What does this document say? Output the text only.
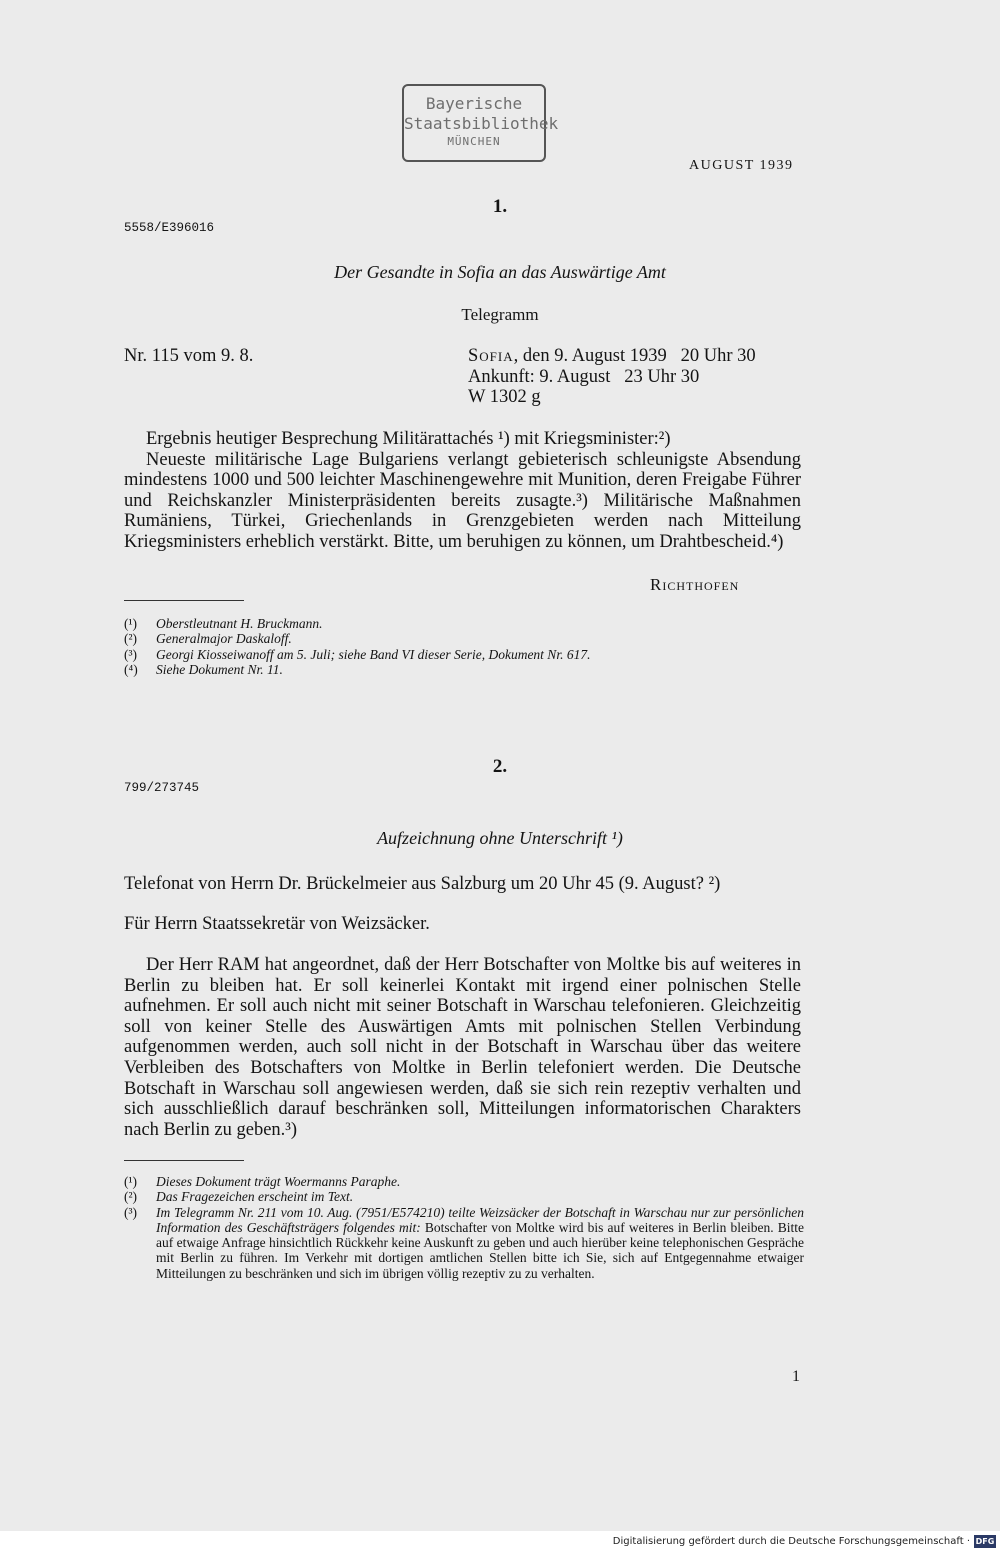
Bayerische
Staatsbibliothek
MÜNCHEN
AUGUST 1939
1.
5558/E396016
Der Gesandte in Sofia an das Auswärtige Amt
Telegramm
Nr. 115 vom 9. 8.	Sofia, den 9. August 1939   20 Uhr 30
Ankunft: 9. August   23 Uhr 30
W 1302 g

Ergebnis heutiger Besprechung Militärattachés ¹) mit Kriegsminister:²)

Neueste militärische Lage Bulgariens verlangt gebieterisch schleunigste Absendung mindestens 1000 und 500 leichter Maschinengewehre mit Munition, deren Freigabe Führer und Reichskanzler Ministerpräsidenten bereits zusagte.³) Militärische Maßnahmen Rumäniens, Türkei, Griechenlands in Grenzgebieten werden nach Mitteilung Kriegsministers erheblich verstärkt. Bitte, um beruhigen zu können, um Drahtbescheid.⁴)

Richthofen
(¹)	Oberstleutnant H. Bruckmann.
(²)	Generalmajor Daskaloff.
(³)	Georgi Kiosseiwanoff am 5. Juli; siehe Band VI dieser Serie, Dokument Nr. 617.
(⁴)	Siehe Dokument Nr. 11.
2.
799/273745
Aufzeichnung ohne Unterschrift ¹)
Telefonat von Herrn Dr. Brückelmeier aus Salzburg um 20 Uhr 45 (9. August? ²)
Für Herrn Staatssekretär von Weizsäcker.

Der Herr RAM hat angeordnet, daß der Herr Botschafter von Moltke bis auf weiteres in Berlin zu bleiben hat. Er soll keinerlei Kontakt mit irgend einer polnischen Stelle aufnehmen. Er soll auch nicht mit seiner Botschaft in Warschau telefonieren. Gleichzeitig soll von keiner Stelle des Auswärtigen Amts mit polnischen Stellen Verbindung aufgenommen werden, auch soll nicht in der Botschaft in Warschau über das weitere Verbleiben des Botschafters von Moltke in Berlin telefoniert werden. Die Deutsche Botschaft in Warschau soll angewiesen werden, daß sie sich rein rezeptiv verhalten und sich ausschließlich darauf beschränken soll, Mitteilungen informatorischen Charakters nach Berlin zu geben.³)

(¹)	Dieses Dokument trägt Woermanns Paraphe.
(²)	Das Fragezeichen erscheint im Text.
(³)	Im Telegramm Nr. 211 vom 10. Aug. (7951/E574210) teilte Weizsäcker der Botschaft in Warschau nur zur persönlichen Information des Geschäftsträgers folgendes mit: Botschafter von Moltke wird bis auf weiteres in Berlin bleiben. Bitte auf etwaige Anfrage hinsichtlich Rückkehr keine Auskunft zu geben und auch hierüber keine telephonischen Gespräche mit Berlin zu führen. Im Verkehr mit dortigen amtlichen Stellen bitte ich Sie, sich auf Entgegennahme etwaiger Mitteilungen zu beschränken und sich im übrigen völlig rezeptiv zu zu verhalten.
1
Digitalisierung gefördert durch die Deutsche Forschungsgemeinschaft · DFG
